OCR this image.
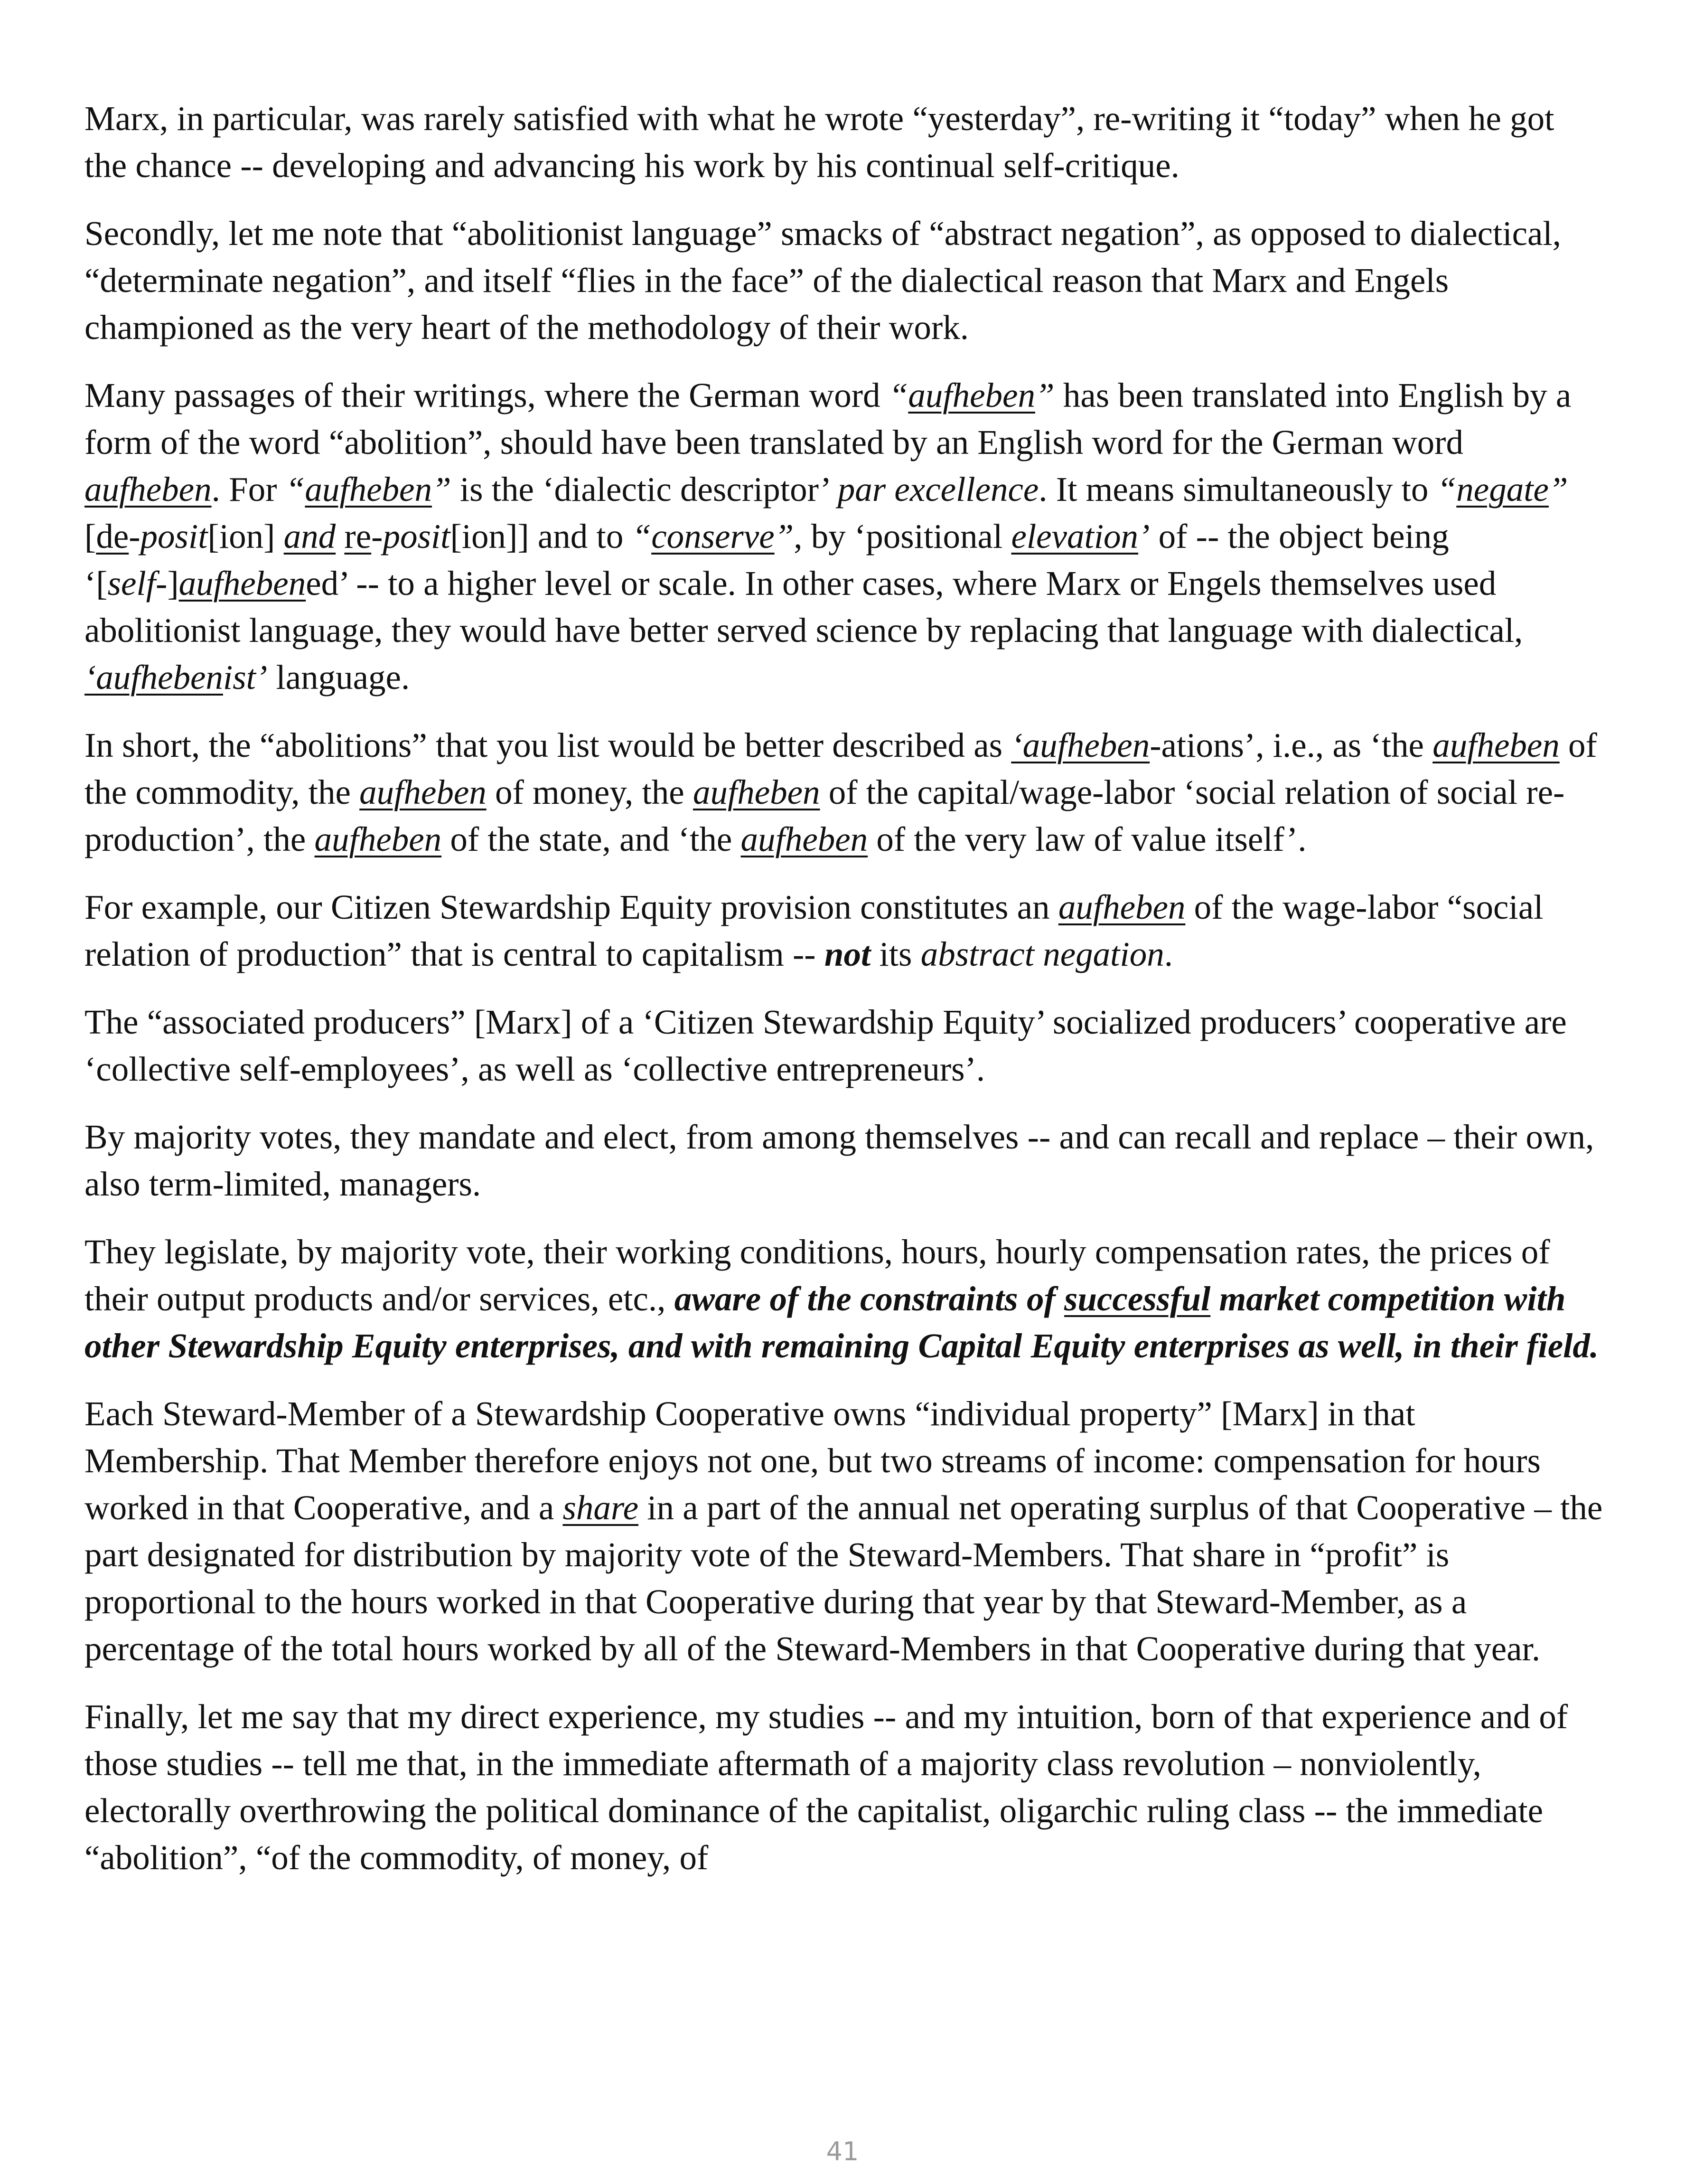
Marx, in particular, was rarely satisfied with what he wrote “yesterday”, re-writing it “today” when he got the chance -- developing and advancing his work by his continual self-critique.

Secondly, let me note that “abolitionist language” smacks of “abstract negation”, as opposed to dialectical, “determinate negation”, and itself “flies in the face” of the dialectical reason that Marx and Engels championed as the very heart of the methodology of their work.

Many passages of their writings, where the German word “aufheben” has been translated into English by a form of the word “abolition”, should have been translated by an English word for the German word aufheben. For “aufheben” is the ‘dialectic descriptor’ par excellence. It means simultaneously to “negate” [de-posit[ion] and re-posit[ion]] and to “conserve”, by ‘positional elevation’ of -- the object being ‘[self-]aufhebened’ -- to a higher level or scale. In other cases, where Marx or Engels themselves used abolitionist language, they would have better served science by replacing that language with dialectical, ‘aufhebenist’ language.

In short, the “abolitions” that you list would be better described as ‘aufheben-ations’, i.e., as ‘the aufheben of the commodity, the aufheben of money, the aufheben of the capital/wage-labor ‘social relation of social re-production’, the aufheben of the state, and ‘the aufheben of the very law of value itself’.

For example, our Citizen Stewardship Equity provision constitutes an aufheben of the wage-labor “social relation of production” that is central to capitalism -- not its abstract negation.

The “associated producers” [Marx] of a ‘Citizen Stewardship Equity’ socialized producers’ cooperative are ‘collective self-employees’, as well as ‘collective entrepreneurs’.

By majority votes, they mandate and elect, from among themselves -- and can recall and replace – their own, also term-limited, managers.

They legislate, by majority vote, their working conditions, hours, hourly compensation rates, the prices of their output products and/or services, etc., aware of the constraints of successful market competition with other Stewardship Equity enterprises, and with remaining Capital Equity enterprises as well, in their field.

Each Steward-Member of a Stewardship Cooperative owns “individual property” [Marx] in that Membership. That Member therefore enjoys not one, but two streams of income: compensation for hours worked in that Cooperative, and a share in a part of the annual net operating surplus of that Cooperative – the part designated for distribution by majority vote of the Steward-Members. That share in “profit” is proportional to the hours worked in that Cooperative during that year by that Steward-Member, as a percentage of the total hours worked by all of the Steward-Members in that Cooperative during that year.

Finally, let me say that my direct experience, my studies -- and my intuition, born of that experience and of those studies -- tell me that, in the immediate aftermath of a majority class revolution – nonviolently, electorally overthrowing the political dominance of the capitalist, oligarchic ruling class -- the immediate “abolition”, “of the commodity, of money, of

41
